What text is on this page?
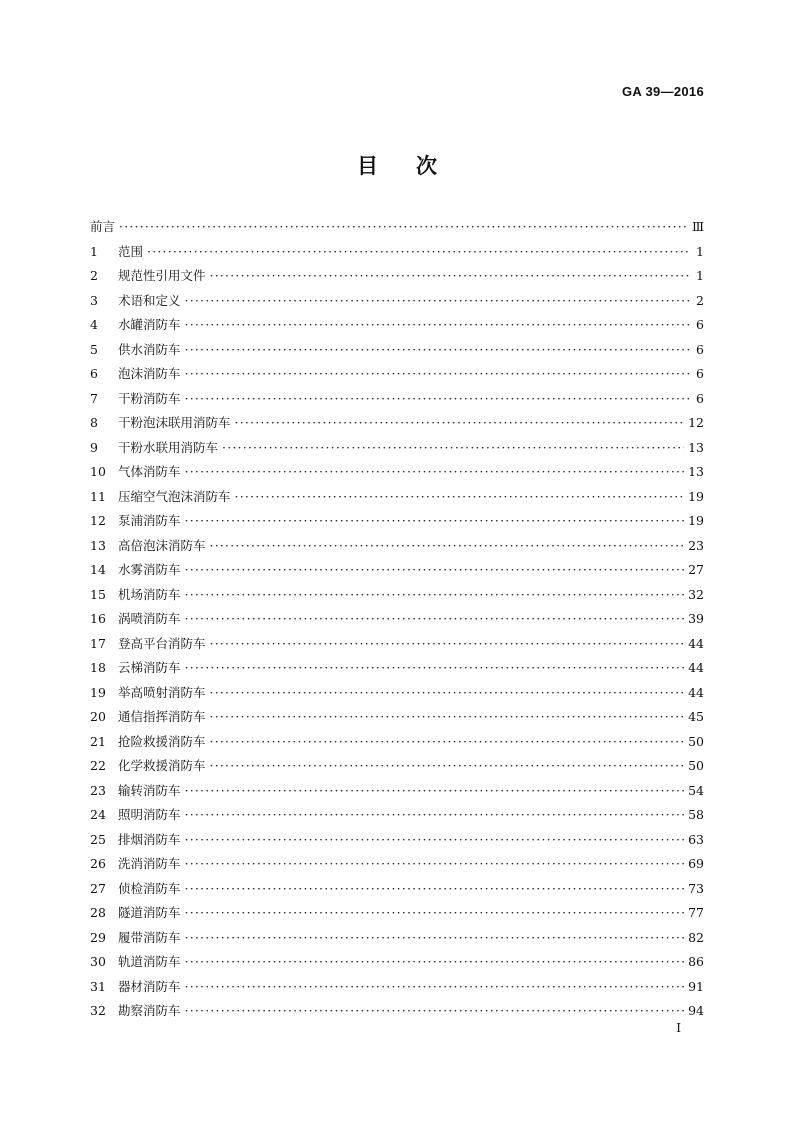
GA 39—2016
目 次
前言 ·····	Ⅲ
1	范围 ·····	1
2	规范性引用文件 ·····	1
3	术语和定义 ·····	2
4	水罐消防车 ·····	6
5	供水消防车 ·····	6
6	泡沫消防车 ·····	6
7	干粉消防车 ·····	6
8	干粉泡沫联用消防车 ·····	12
9	干粉水联用消防车 ·····	13
10 气体消防车 ·····	13
11 压缩空气泡沫消防车 ·····	19
12 泵浦消防车 ·····	19
13 高倍泡沫消防车 ·····	23
14 水雾消防车 ·····	27
15 机场消防车 ·····	32
16 涡喷消防车 ·····	39
17 登高平台消防车 ·····	44
18 云梯消防车 ·····	44
19 举高喷射消防车 ·····	44
20 通信指挥消防车 ·····	45
21 抢险救援消防车 ·····	50
22 化学救援消防车 ·····	50
23 输转消防车 ·····	54
24 照明消防车 ·····	58
25 排烟消防车 ·····	63
26 洗消消防车 ·····	69
27 侦检消防车 ·····	73
28 隧道消防车 ·····	77
29 履带消防车 ·····	82
30 轨道消防车 ·····	86
31 器材消防车 ·····	91
32 勘察消防车 ·····	94
I
